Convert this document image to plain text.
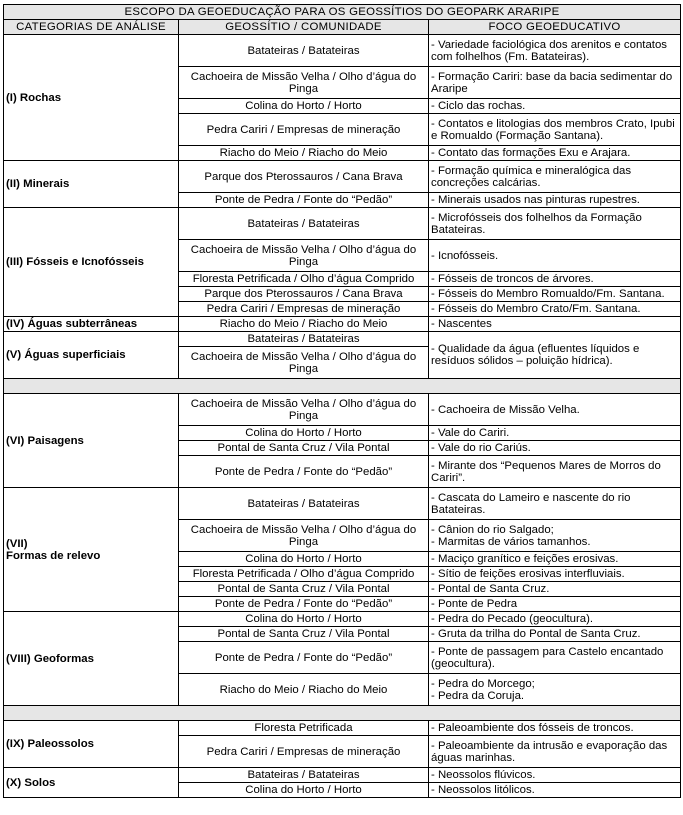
ESCOPO DA GEOEDUCAÇÃO PARA OS GEOSSÍTIOS DO GEOPARK ARARIPE		
CATEGORIAS DE ANÁLISE	GEOSSÍTIO / COMUNIDADE	FOCO GEOEDUCATIVO
(I) Rochas	Batateiras / Batateiras	- Variedade faciológica dos arenitos e contatos com folhelhos (Fm. Batateiras).
	Cachoeira de Missão Velha / Olho d’água do Pinga	- Formação Cariri: base da bacia sedimentar do Araripe
	Colina do Horto / Horto	- Ciclo das rochas.
	Pedra Cariri / Empresas de mineração	- Contatos e litologias dos membros Crato, Ipubi e Romualdo (Formação Santana).
	Riacho do Meio / Riacho do Meio	- Contato das formações Exu e Arajara.
(II) Minerais	Parque dos Pterossauros / Cana Brava	- Formação química e mineralógica das concreções calcárias.
	Ponte de Pedra / Fonte do “Pedão”	- Minerais usados nas pinturas rupestres.
(III) Fósseis e Icnofósseis	Batateiras / Batateiras	- Microfósseis dos folhelhos da Formação Batateiras.
	Cachoeira de Missão Velha / Olho d’água do Pinga	- Icnofósseis.
	Floresta Petrificada / Olho d’água Comprido	- Fósseis de troncos de árvores.
	Parque dos Pterossauros / Cana Brava	- Fósseis do Membro Romualdo/Fm. Santana.
	Pedra Cariri / Empresas de mineração	- Fósseis do Membro Crato/Fm. Santana.
(IV) Águas subterrâneas	Riacho do Meio / Riacho do Meio	- Nascentes
(V) Águas superficiais	Batateiras / Batateiras	- Qualidade da água (efluentes líquidos e resíduos sólidos – poluição hídrica).
	Cachoeira de Missão Velha / Olho d’água do Pinga	

(VI) Paisagens	Cachoeira de Missão Velha / Olho d’água do Pinga	- Cachoeira de Missão Velha.
	Colina do Horto / Horto	- Vale do Cariri.
	Pontal de Santa Cruz / Vila Pontal	- Vale do rio Cariús.
	Ponte de Pedra / Fonte do “Pedão”	- Mirante dos “Pequenos Mares de Morros do Cariri”.

(VII)
Formas de relevo	Batateiras / Batateiras	- Cascata do Lameiro e nascente do rio Batateiras.
	Cachoeira de Missão Velha / Olho d’água do Pinga	- Cânion do rio Salgado;
- Marmitas de vários tamanhos.

	Colina do Horto / Horto	- Maciço granítico e feições erosivas.
	Floresta Petrificada / Olho d’água Comprido	- Sítio de feições erosivas interfluviais.
	Pontal de Santa Cruz / Vila Pontal	- Pontal de Santa Cruz.
	Ponte de Pedra / Fonte do “Pedão”	- Ponte de Pedra
(VIII) Geoformas	Colina do Horto / Horto	- Pedra do Pecado (geocultura).
	Pontal de Santa Cruz / Vila Pontal	- Gruta da trilha do Pontal de Santa Cruz.
	Ponte de Pedra / Fonte do “Pedão”	- Ponte de passagem para Castelo encantado (geocultura).
	Riacho do Meio / Riacho do Meio	- Pedra do Morcego;
- Pedra da Coruja.

(IX) Paleossolos	Floresta Petrificada	- Paleoambiente dos fósseis de troncos.
	Pedra Cariri / Empresas de mineração	- Paleoambiente da intrusão e evaporação das águas marinhas.
(X) Solos	Batateiras / Batateiras	- Neossolos flúvicos.
	Colina do Horto / Horto	- Neossolos litólicos.
